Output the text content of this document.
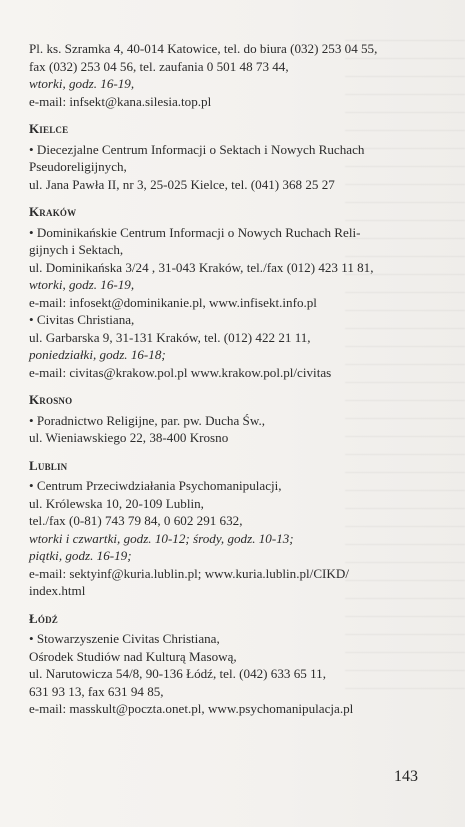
Pl. ks. Szramka 4, 40-014 Katowice, tel. do biura (032) 253 04 55,
fax (032) 253 04 56, tel. zaufania 0 501 48 73 44,
wtorki, godz. 16-19,
e-mail: infsekt@kana.silesia.top.pl
Kielce
• Diecezjalne Centrum Informacji o Sektach i Nowych Ruchach
Pseudoreligijnych,
ul. Jana Pawła II, nr 3, 25-025 Kielce, tel. (041) 368 25 27
Kraków
• Dominikańskie Centrum Informacji o Nowych Ruchach Reli-
gijnych i Sektach,
ul. Dominikańska 3/24 , 31-043 Kraków, tel./fax (012) 423 11 81,
wtorki, godz. 16-19,
e-mail: infosekt@dominikanie.pl, www.infisekt.info.pl
• Civitas Christiana,
ul. Garbarska 9, 31-131 Kraków, tel. (012) 422 21 11,
poniedziałki, godz. 16-18;
e-mail: civitas@krakow.pol.pl www.krakow.pol.pl/civitas
Krosno
• Poradnictwo Religijne, par. pw. Ducha Św.,
ul. Wieniawskiego 22, 38-400 Krosno
Lublin
• Centrum Przeciwdziałania Psychomanipulacji,
ul. Królewska 10, 20-109 Lublin,
tel./fax (0-81) 743 79 84, 0 602 291 632,
wtorki i czwartki, godz. 10-12; środy, godz. 10-13;
piątki, godz. 16-19;
e-mail: sektyinf@kuria.lublin.pl; www.kuria.lublin.pl/CIKD/
index.html
Łódź
• Stowarzyszenie Civitas Christiana,
Ośrodek Studiów nad Kulturą Masową,
ul. Narutowicza 54/8, 90-136 Łódź, tel. (042) 633 65 11,
631 93 13, fax 631 94 85,
e-mail: masskult@poczta.onet.pl, www.psychomanipulacja.pl
143
